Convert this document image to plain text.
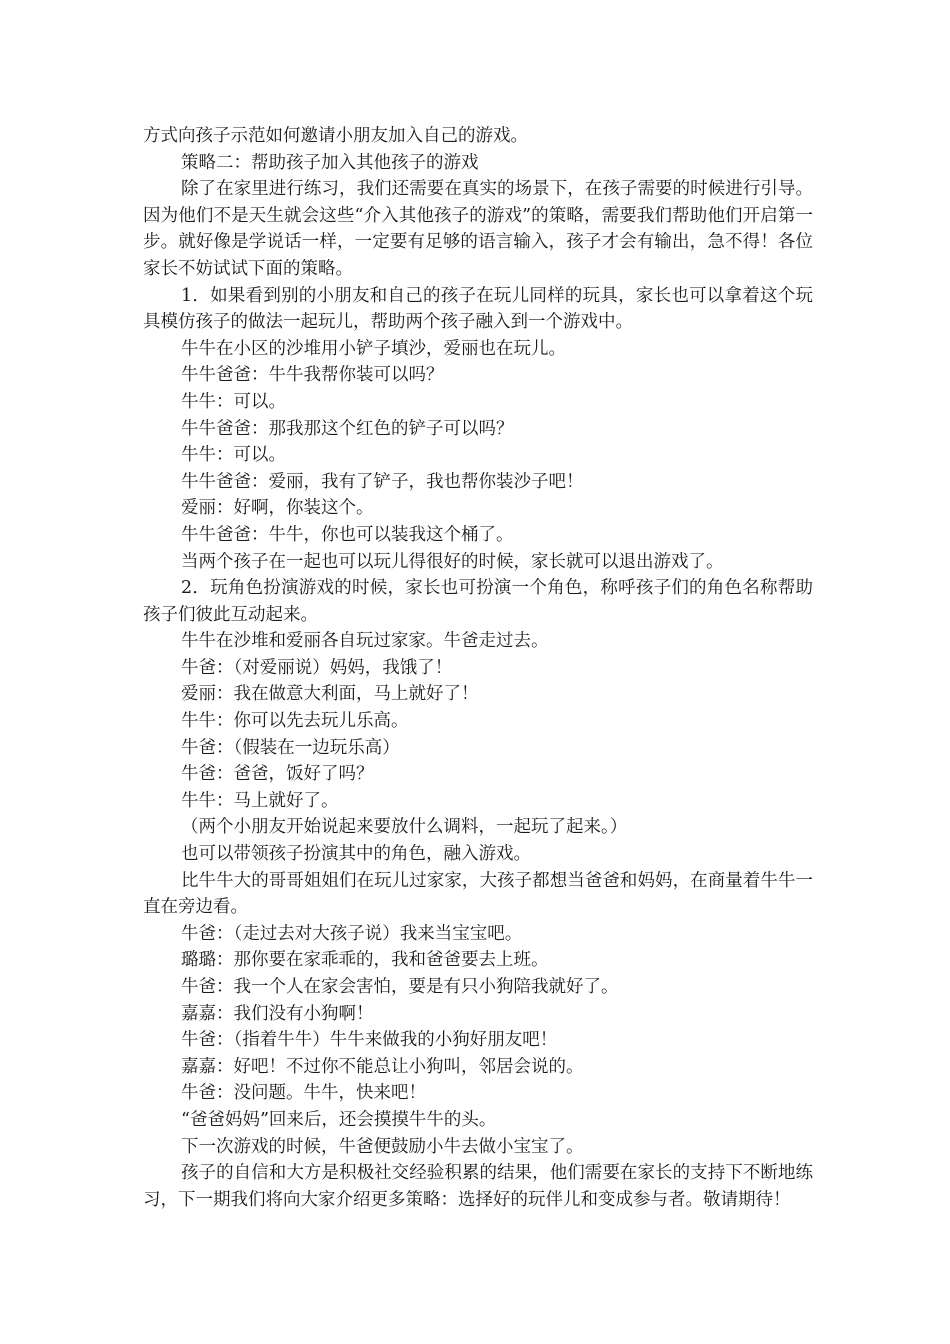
方式向孩子示范如何邀请小朋友加入自己的游戏。

策略二：帮助孩子加入其他孩子的游戏

除了在家里进行练习，我们还需要在真实的场景下，在孩子需要的时候进行引导。因为他们不是天生就会这些“介入其他孩子的游戏”的策略，需要我们帮助他们开启第一步。就好像是学说话一样，一定要有足够的语言输入，孩子才会有输出，急不得！各位家长不妨试试下面的策略。

1．如果看到别的小朋友和自己的孩子在玩儿同样的玩具，家长也可以拿着这个玩具模仿孩子的做法一起玩儿，帮助两个孩子融入到一个游戏中。

牛牛在小区的沙堆用小铲子填沙，爱丽也在玩儿。

牛牛爸爸：牛牛我帮你装可以吗？

牛牛：可以。

牛牛爸爸：那我那这个红色的铲子可以吗？

牛牛：可以。

牛牛爸爸：爱丽，我有了铲子，我也帮你装沙子吧！

爱丽：好啊，你装这个。

牛牛爸爸：牛牛，你也可以装我这个桶了。

当两个孩子在一起也可以玩儿得很好的时候，家长就可以退出游戏了。

2．玩角色扮演游戏的时候，家长也可扮演一个角色，称呼孩子们的角色名称帮助孩子们彼此互动起来。

牛牛在沙堆和爱丽各自玩过家家。牛爸走过去。

牛爸：（对爱丽说）妈妈，我饿了！

爱丽：我在做意大利面，马上就好了！

牛牛：你可以先去玩儿乐高。

牛爸：（假装在一边玩乐高）

牛爸：爸爸，饭好了吗？

牛牛：马上就好了。

（两个小朋友开始说起来要放什么调料，一起玩了起来。）

也可以带领孩子扮演其中的角色，融入游戏。

比牛牛大的哥哥姐姐们在玩儿过家家，大孩子都想当爸爸和妈妈，在商量着牛牛一直在旁边看。

牛爸：（走过去对大孩子说）我来当宝宝吧。

璐璐：那你要在家乖乖的，我和爸爸要去上班。

牛爸：我一个人在家会害怕，要是有只小狗陪我就好了。

嘉嘉：我们没有小狗啊！

牛爸：（指着牛牛）牛牛来做我的小狗好朋友吧！

嘉嘉：好吧！不过你不能总让小狗叫，邻居会说的。

牛爸：没问题。牛牛，快来吧！

“爸爸妈妈”回来后，还会摸摸牛牛的头。

下一次游戏的时候，牛爸便鼓励小牛去做小宝宝了。

孩子的自信和大方是积极社交经验积累的结果，他们需要在家长的支持下不断地练习，下一期我们将向大家介绍更多策略：选择好的玩伴儿和变成参与者。敬请期待！
